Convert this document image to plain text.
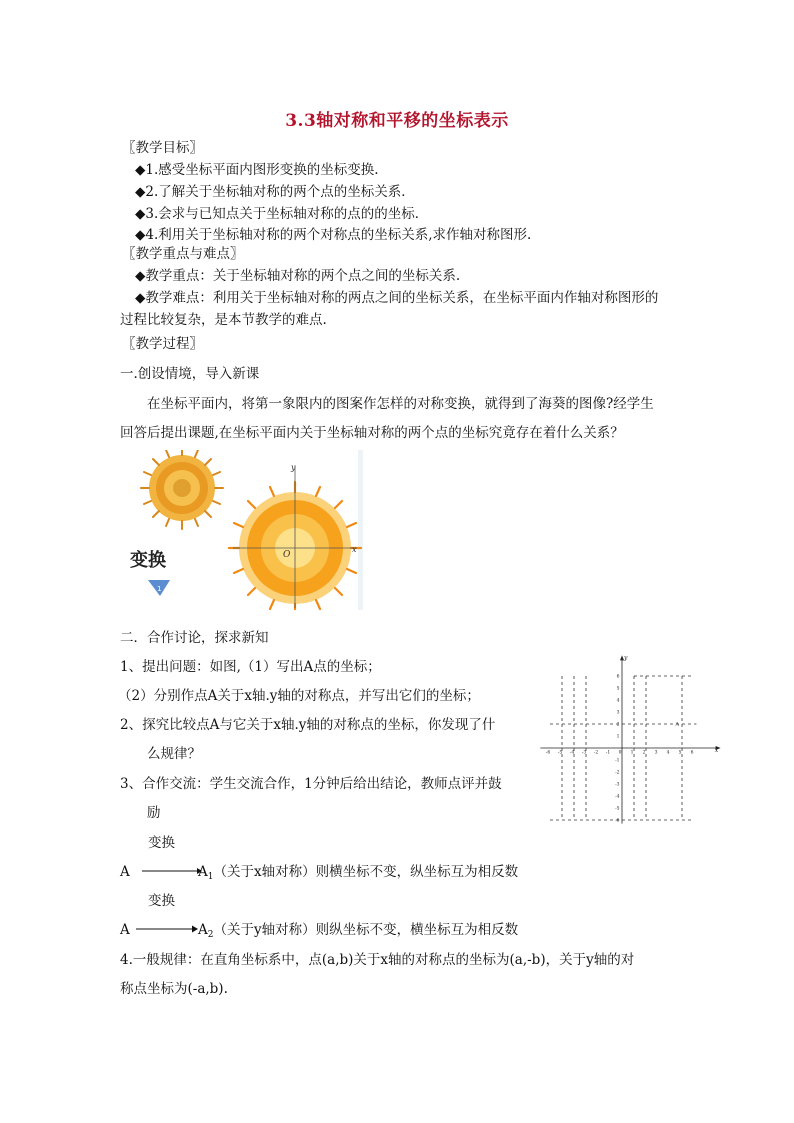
3.3轴对称和平移的坐标表示
〖教学目标〗
◆1.感受坐标平面内图形变换的坐标变换.
◆2.了解关于坐标轴对称的两个点的坐标关系．
◆3.会求与已知点关于坐标轴对称的点的的坐标．
◆4.利用关于坐标轴对称的两个对称点的坐标关系,求作轴对称图形.
〖教学重点与难点〗
◆教学重点：关于坐标轴对称的两个点之间的坐标关系.
◆教学难点：利用关于坐标轴对称的两点之间的坐标关系，在坐标平面内作轴对称图形的
过程比较复杂，是本节教学的难点.
〖教学过程〗
一.创设情境，导入新课
在坐标平面内，将第一象限内的图案作怎样的对称变换，就得到了海葵的图像?经学生
回答后提出课题,在坐标平面内关于坐标轴对称的两个点的坐标究竟存在着什么关系？
y
x
O
变换
1
二．合作讨论，探求新知
1、提出问题：如图,（1）写出A点的坐标；
（2）分别作点A关于x轴.y轴的对称点，并写出它们的坐标；
2、探究比较点A与它关于x轴.y轴的对称点的坐标，你发现了什
么规律？
3、合作交流：学生交流合作，1分钟后给出结论，教师点评并鼓
励
x
y
-6 -5 -4 -3 -2 -1 0 1 2 3 4 5 6
6
5
4
3
2
1
-1
-2
-3
-4
-5
-6
A
变换
A	$A_1$（关于x轴对称）则横坐标不变，纵坐标互为相反数
变换
A	$A_2$（关于y轴对称）则纵坐标不变，横坐标互为相反数
4.一般规律：在直角坐标系中，点(a,b)关于x轴的对称点的坐标为(a,-b)，关于y轴的对
称点坐标为(-a,b).
